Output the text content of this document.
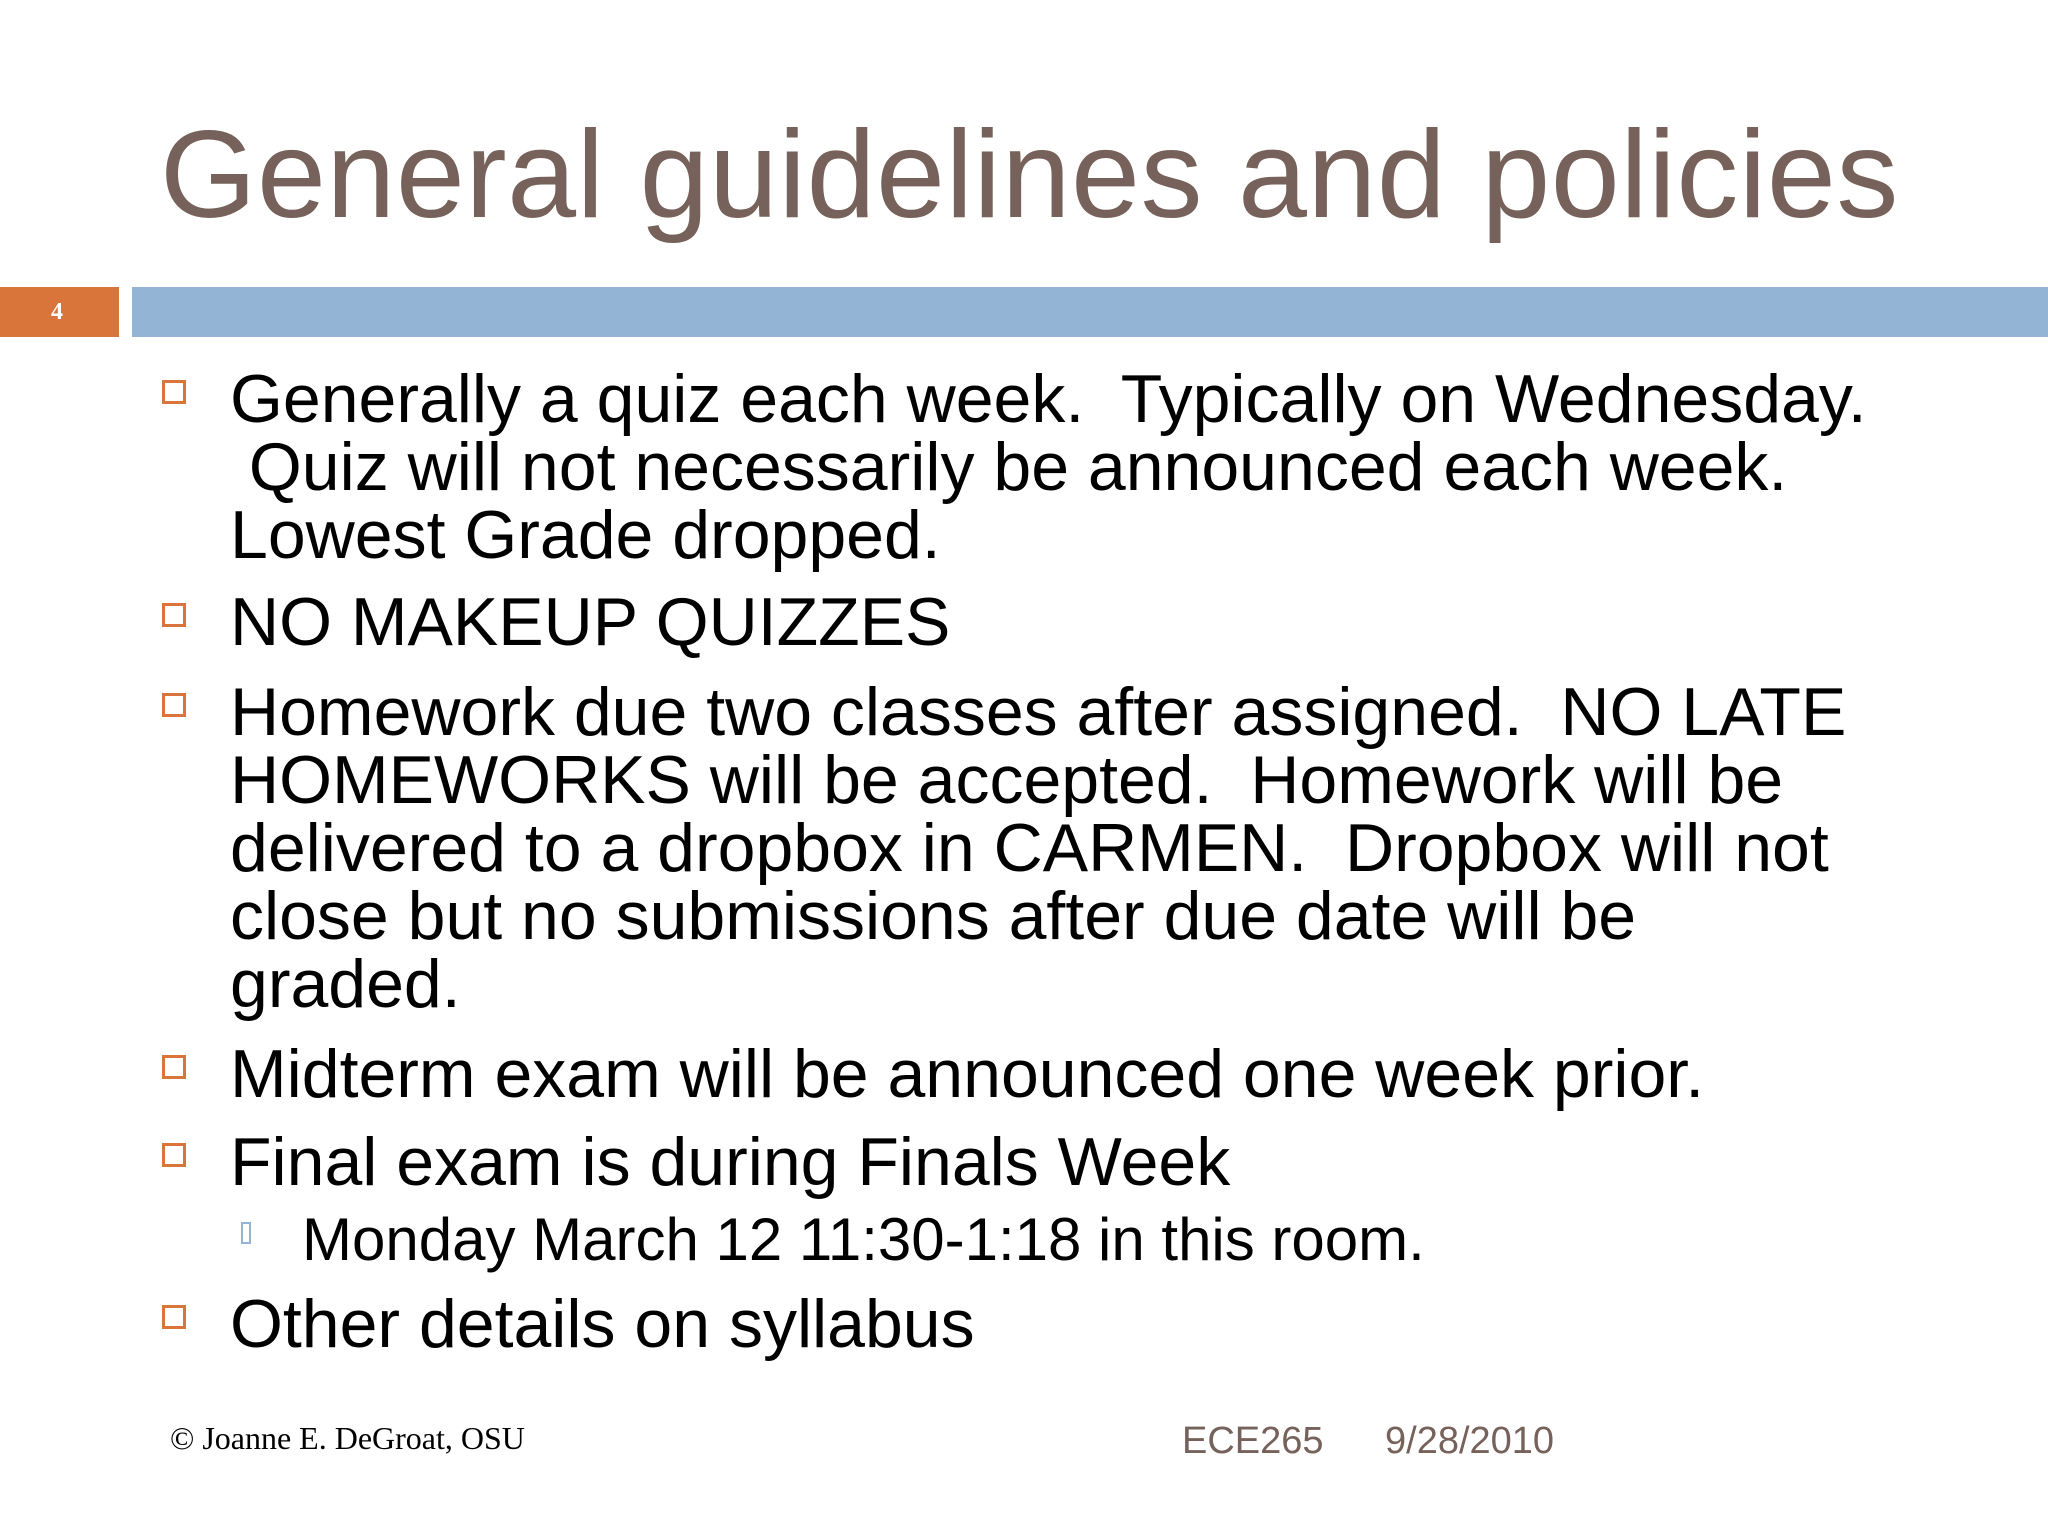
General guidelines and policies
4
Generally a quiz each week.  Typically on Wednesday.
Quiz will not necessarily be announced each week.
Lowest Grade dropped.
NO MAKEUP QUIZZES
Homework due two classes after assigned.  NO LATE
HOMEWORKS will be accepted.  Homework will be
delivered to a dropbox in CARMEN.  Dropbox will not
close but no submissions after due date will be
graded.
Midterm exam will be announced one week prior.
Final exam is during Finals Week
Monday March 12 11:30-1:18 in this room.
Other details on syllabus
© Joanne E. DeGroat, OSU	ECE265 9/28/2010
